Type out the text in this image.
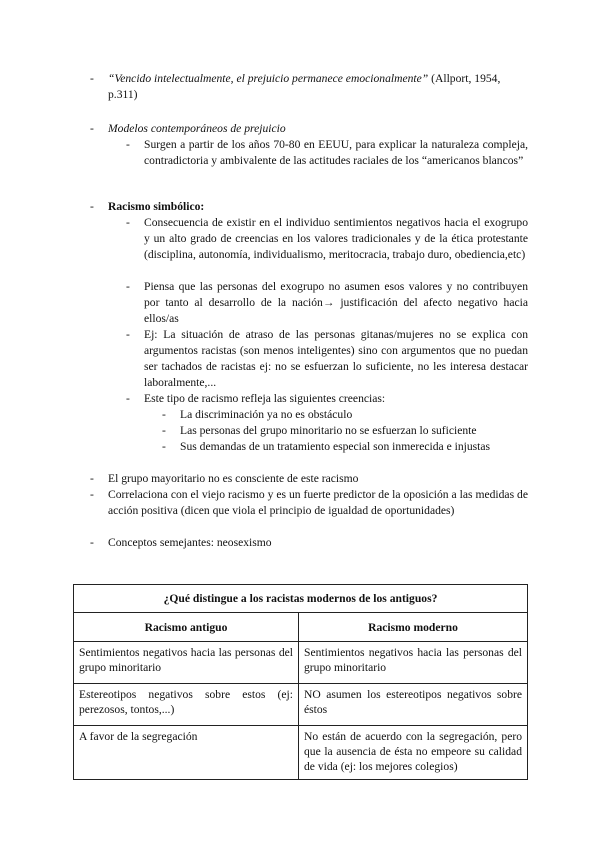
-	“Vencido intelectualmente, el prejuicio permanece emocionalmente” (Allport, 1954, p.311)
-	Modelos contemporáneos de prejuicio
-	Surgen a partir de los años 70-80 en EEUU, para explicar la naturaleza compleja, contradictoria y ambivalente de las actitudes raciales de los “americanos blancos”
-	Racismo simbólico:
-	Consecuencia de existir en el individuo sentimientos negativos hacia el exogrupo y un alto grado de creencias en los valores tradicionales y de la ética protestante (disciplina, autonomía, individualismo, meritocracia, trabajo duro, obediencia,etc)
-	Piensa que las personas del exogrupo no asumen esos valores y no contribuyen por tanto al desarrollo de la nación→ justificación del afecto negativo hacia ellos/as
-	Ej: La situación de atraso de las personas gitanas/mujeres no se explica con argumentos racistas (son menos inteligentes) sino con argumentos que no puedan ser tachados de racistas ej: no se esfuerzan lo suficiente, no les interesa destacar laboralmente,...
-	Este tipo de racismo refleja las siguientes creencias:
-	La discriminación ya no es obstáculo
-	Las personas del grupo minoritario no se esfuerzan lo suficiente
-	Sus demandas de un tratamiento especial son inmerecida e injustas
-	El grupo mayoritario no es consciente de este racismo
-	Correlaciona con el viejo racismo y es un fuerte predictor de la oposición a las medidas de acción positiva (dicen que viola el principio de igualdad de oportunidades)
-	Conceptos semejantes: neosexismo
¿Qué distingue a los racistas modernos de los antiguos?	
Racismo antiguo	Racismo moderno
Sentimientos negativos hacia las personas del grupo minoritario	Sentimientos negativos hacia las personas del grupo minoritario
Estereotipos negativos sobre estos (ej: perezosos, tontos,...)	NO asumen los estereotipos negativos sobre éstos
A favor de la segregación	No están de acuerdo con la segregación, pero que la ausencia de ésta no empeore su calidad de vida (ej: los mejores colegios)
